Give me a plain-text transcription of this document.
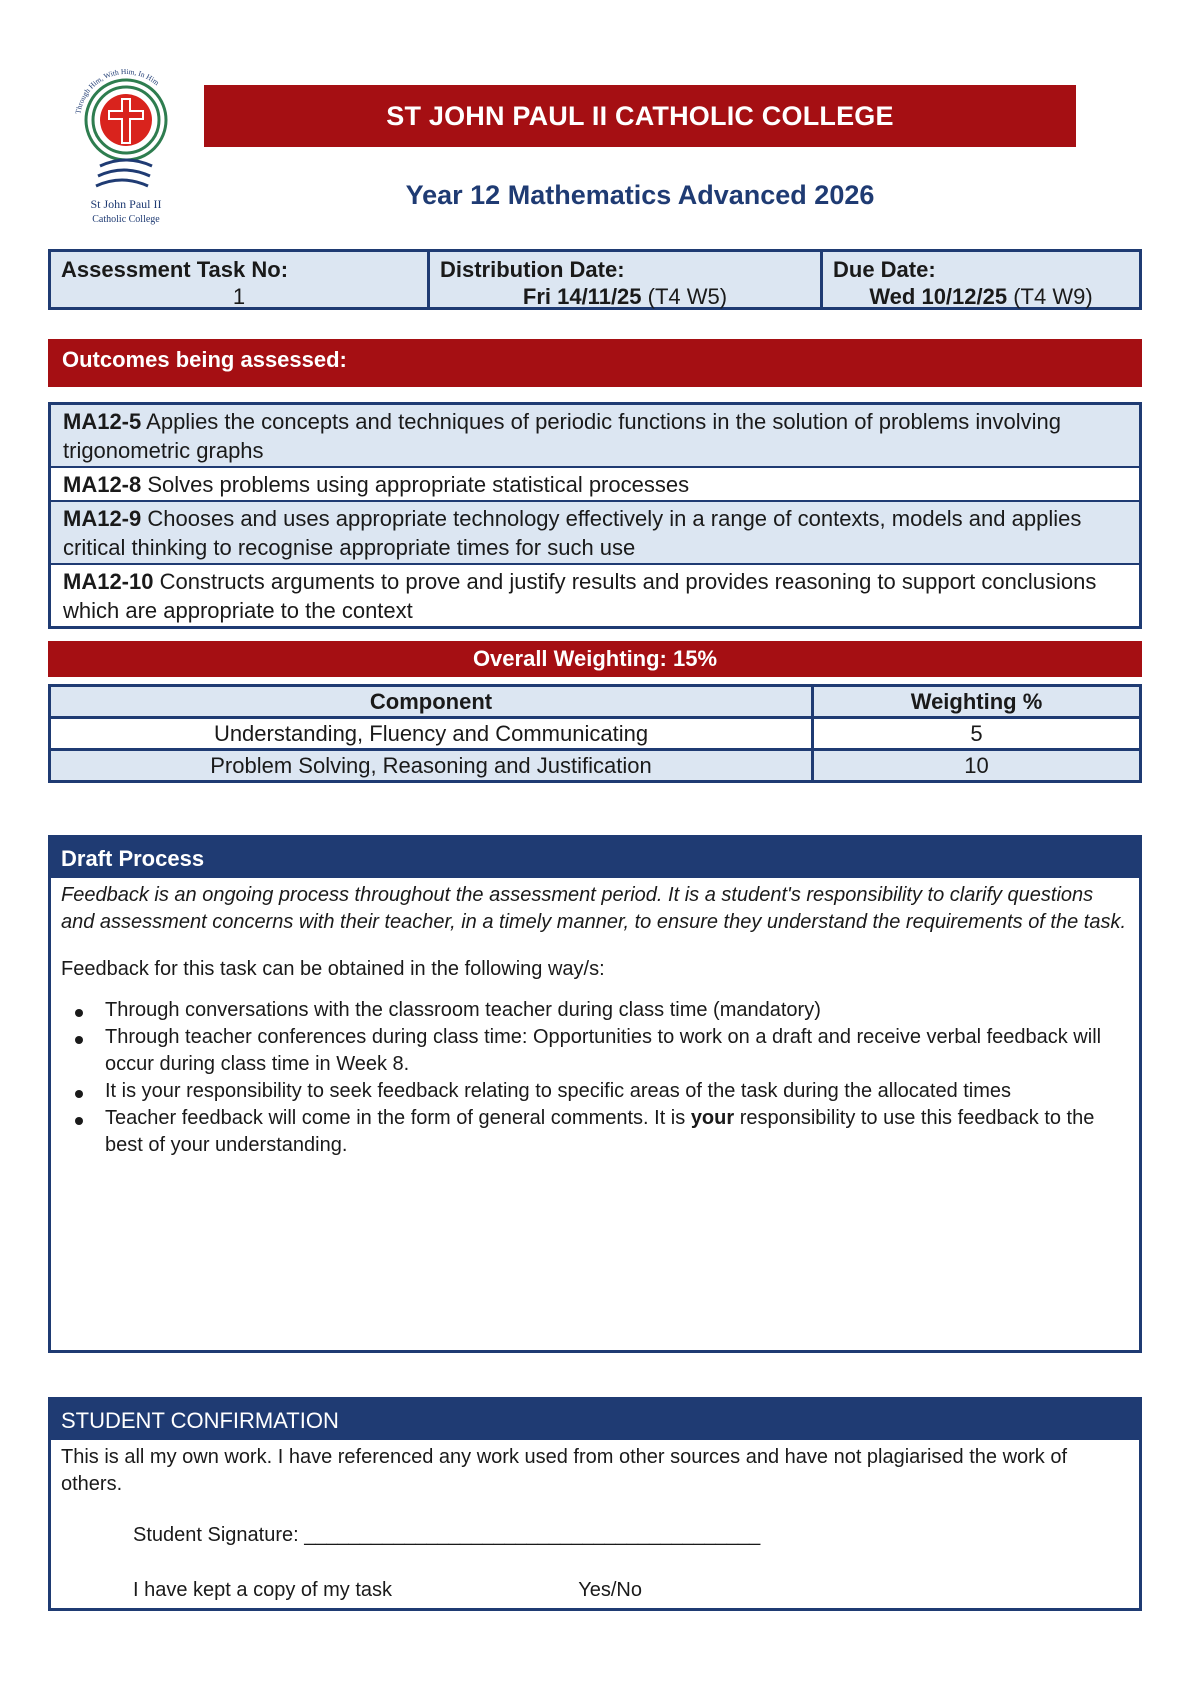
Through Him, With Him, In Him
St John Paul II
Catholic College
ST JOHN PAUL II CATHOLIC COLLEGE
Year 12 Mathematics Advanced 2026
Assessment Task No:
1
Distribution Date:
Fri 14/11/25 (T4 W5)
Due Date:
Wed 10/12/25 (T4 W9)
Outcomes being assessed:
MA12-5 Applies the concepts and techniques of periodic functions in the solution of problems involving trigonometric graphs
MA12-8 Solves problems using appropriate statistical processes
MA12-9 Chooses and uses appropriate technology effectively in a range of contexts, models and applies critical thinking to recognise appropriate times for such use
MA12-10 Constructs arguments to prove and justify results and provides reasoning to support conclusions which are appropriate to the context
Overall Weighting: 15%
Component	Weighting %
Understanding, Fluency and Communicating	5
Problem Solving, Reasoning and Justification	10
Draft Process

Feedback is an ongoing process throughout the assessment period. It is a student's responsibility to clarify questions and assessment concerns with their teacher, in a timely manner, to ensure they understand the requirements of the task.

Feedback for this task can be obtained in the following way/s:

Through conversations with the classroom teacher during class time (mandatory)
Through teacher conferences during class time: Opportunities to work on a draft and receive verbal feedback will occur during class time in Week 8.
It is your responsibility to seek feedback relating to specific areas of the task during the allocated times
Teacher feedback will come in the form of general comments. It is your responsibility to use this feedback to the best of your understanding.
STUDENT CONFIRMATION

This is all my own work. I have referenced any work used from other sources and have not plagiarised the work of others.

Student Signature: _________________________________________

I have kept a copy of my task	Yes/No
